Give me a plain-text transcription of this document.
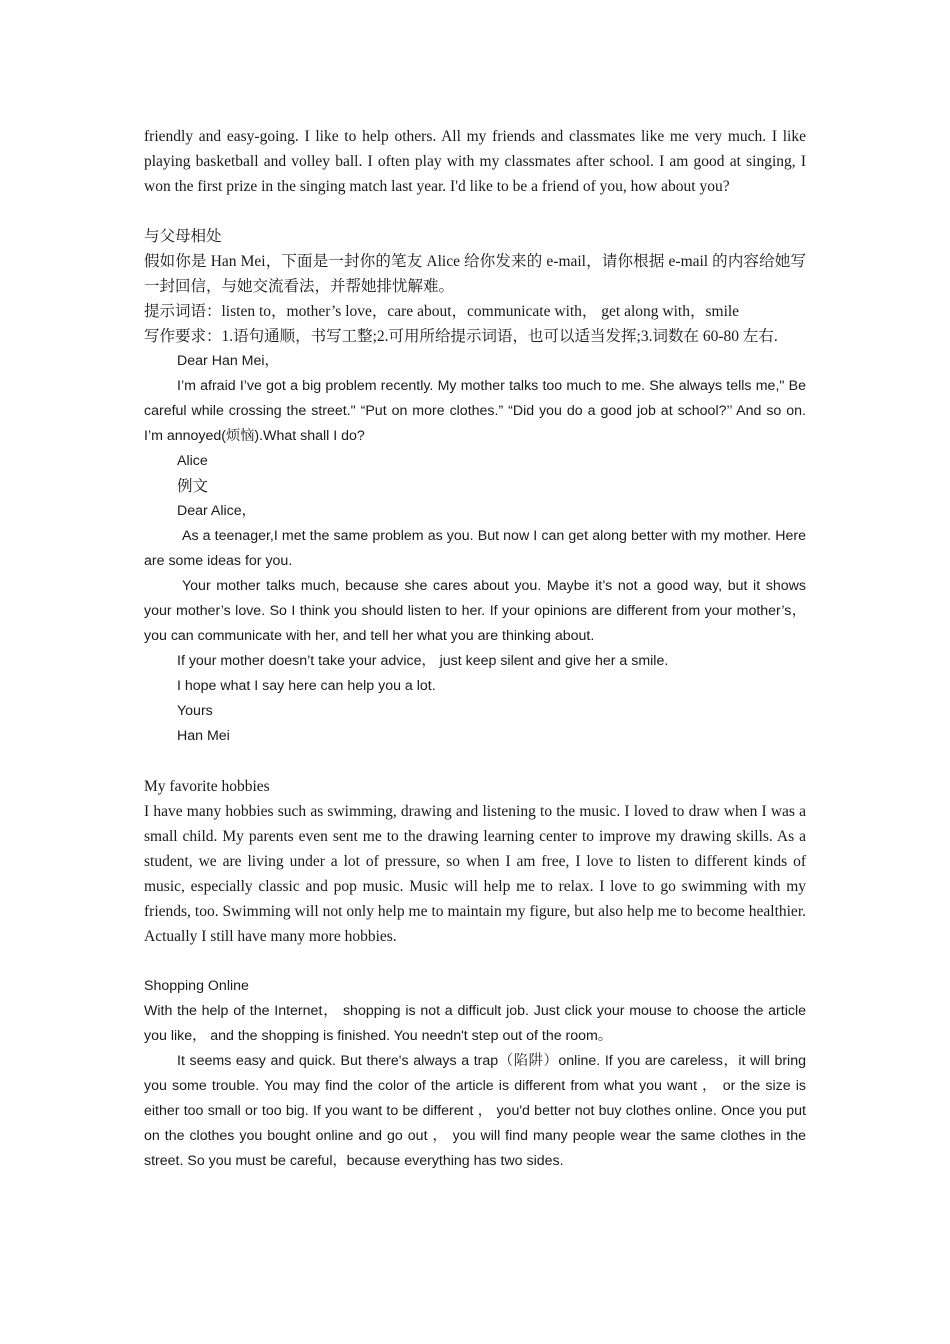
friendly and easy-going. I like to help others. All my friends and classmates like me very much. I like playing basketball and volley ball. I often play with my classmates after school. I am good at singing, I won the first prize in the singing match last year. I'd like to be a friend of you, how about you?

与父母相处

假如你是 Han Mei，下面是一封你的笔友 Alice 给你发来的 e-mail，请你根据 e-mail 的内容给她写一封回信，与她交流看法，并帮她排忧解难。

提示词语：listen to，mother’s love，care about，communicate with， get along with，smile

写作要求：1.语句通顺，书写工整;2.可用所给提示词语，也可以适当发挥;3.词数在 60-80 左右.

Dear Han Mei，

I’m afraid I’ve got a big problem recently. My mother talks too much to me. She always tells me," Be careful while crossing the street." “Put on more clothes.” “Did you do a good job at school?’’ And so on. I’m annoyed(烦恼).What shall I do?

Alice

例文

Dear Alice，

As a teenager,I met the same problem as you. But now I can get along better with my mother. Here are some ideas for you.

Your mother talks much, because she cares about you. Maybe it’s not a good way, but it shows your mother’s love. So I think you should listen to her. If your opinions are different from your mother’s， you can communicate with her, and tell her what you are thinking about.

If your mother doesn’t take your advice， just keep silent and give her a smile.

I hope what I say here can help you a lot.

Yours

Han Mei

My favorite hobbies

I have many hobbies such as swimming, drawing and listening to the music. I loved to draw when I was a small child. My parents even sent me to the drawing learning center to improve my drawing skills. As a student, we are living under a lot of pressure, so when I am free, I love to listen to different kinds of music, especially classic and pop music. Music will help me to relax. I love to go swimming with my friends, too. Swimming will not only help me to maintain my figure, but also help me to become healthier. Actually I still have many more hobbies.

Shopping Online

With the help of the Internet， shopping is not a difficult job. Just click your mouse to choose the article you like， and the shopping is finished. You needn't step out of the room。

It seems easy and quick. But there's always a trap（陷阱）online. If you are careless，it will bring you some trouble. You may find the color of the article is different from what you want ， or the size is either too small or too big. If you want to be different ， you'd better not buy clothes online. Once you put on the clothes you bought online and go out ， you will find many people wear the same clothes in the street. So you must be careful，because everything has two sides.
